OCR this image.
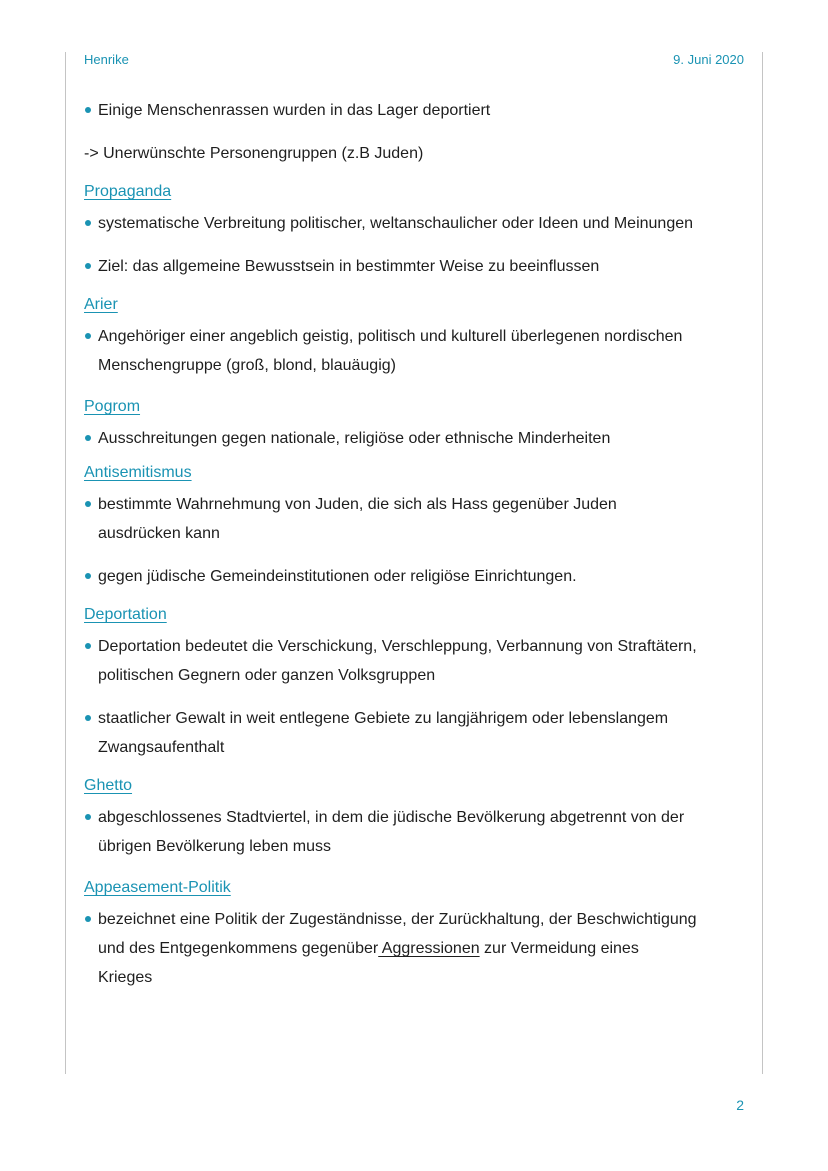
Henrike	9. Juni 2020
Einige Menschenrassen wurden in das Lager deportiert
-> Unerwünschte Personengruppen (z.B Juden)
Propaganda
systematische Verbreitung politischer, weltanschaulicher oder Ideen und Meinungen
Ziel: das allgemeine Bewusstsein in bestimmter Weise zu beeinflussen
Arier
Angehöriger einer angeblich geistig, politisch und kulturell überlegenen nordischen
Menschengruppe (groß, blond, blauäugig)
Pogrom
Ausschreitungen gegen nationale, religiöse oder ethnische Minderheiten
Antisemitismus
bestimmte Wahrnehmung von Juden, die sich als Hass gegenüber Juden
ausdrücken kann
gegen jüdische Gemeindeinstitutionen oder religiöse Einrichtungen.
Deportation
Deportation bedeutet die Verschickung, Verschleppung, Verbannung von Straftätern,
politischen Gegnern oder ganzen Volksgruppen
staatlicher Gewalt in weit entlegene Gebiete zu langjährigem oder lebenslangem
Zwangsaufenthalt
Ghetto
abgeschlossenes Stadtviertel, in dem die jüdische Bevölkerung abgetrennt von der
übrigen Bevölkerung leben muss
Appeasement-Politik
bezeichnet eine Politik der Zugeständnisse, der Zurückhaltung, der Beschwichtigung
und des Entgegenkommens gegenüber Aggressionen zur Vermeidung eines
Krieges
2
